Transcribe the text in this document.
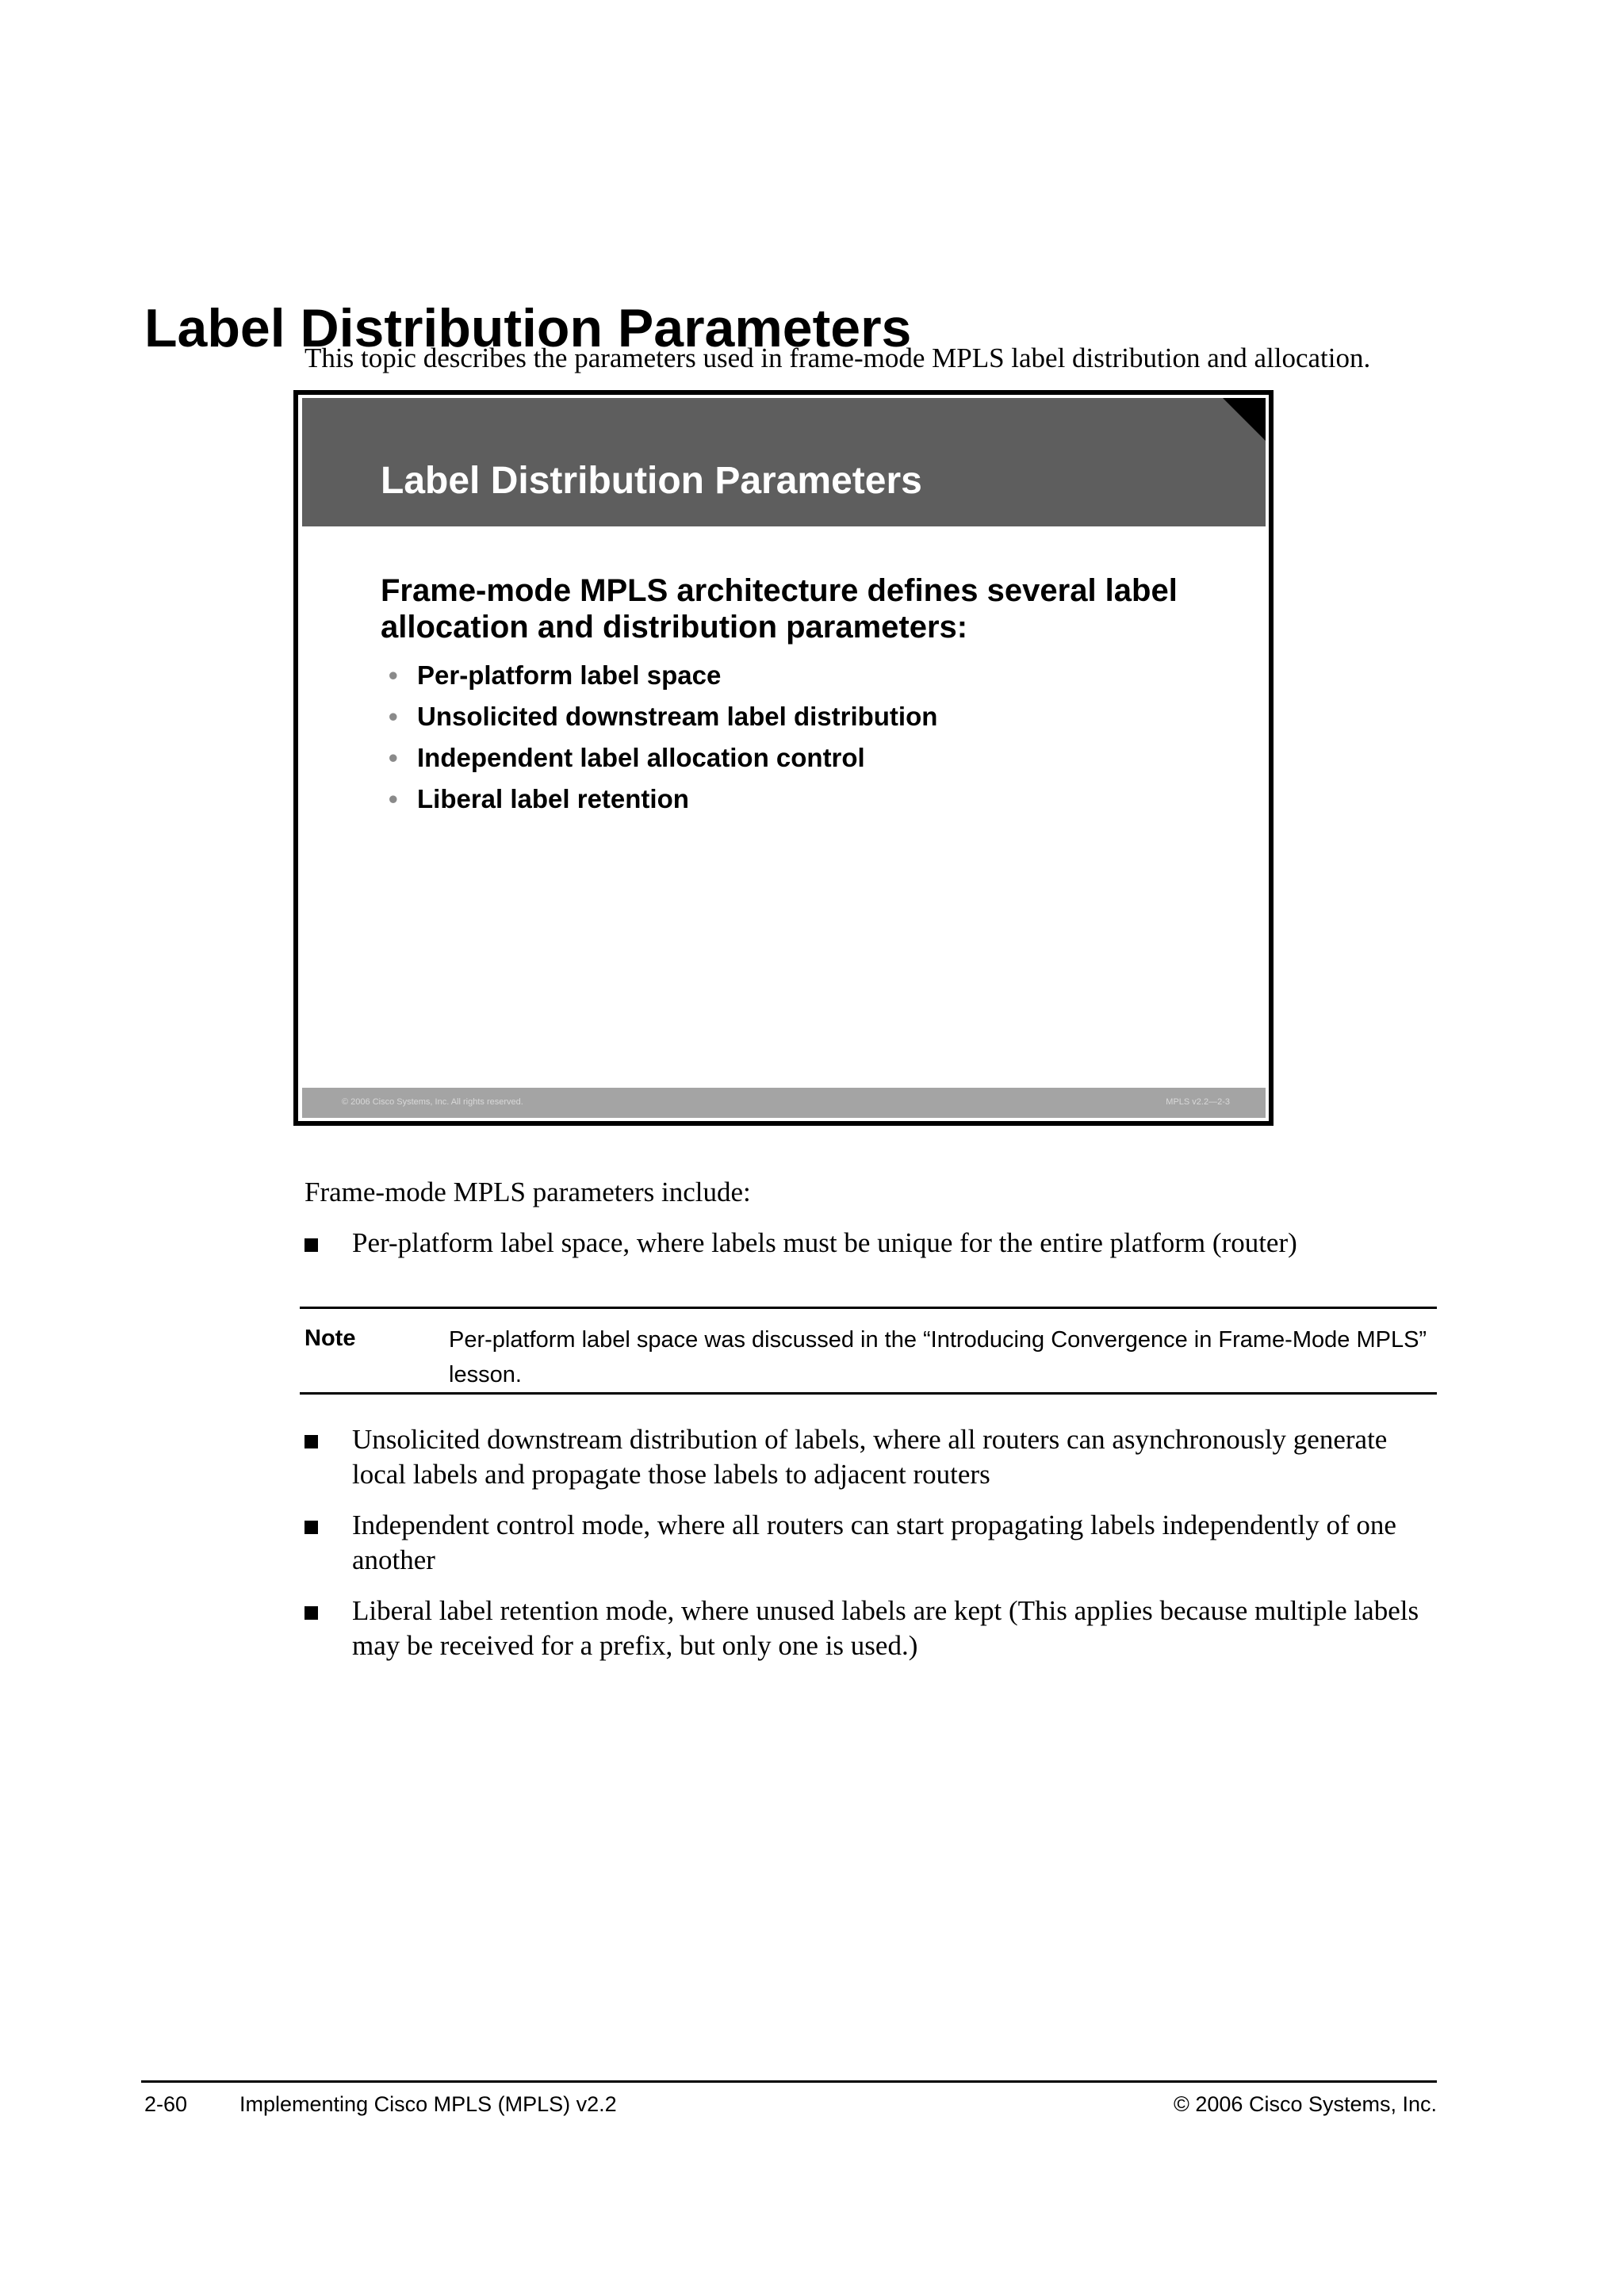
Label Distribution Parameters
This topic describes the parameters used in frame-mode MPLS label distribution and allocation.
Label Distribution Parameters
Frame-mode MPLS architecture defines several label allocation and distribution parameters:
• Per-platform label space
• Unsolicited downstream label distribution
• Independent label allocation control
• Liberal label retention
© 2006 Cisco Systems, Inc. All rights reserved.	MPLS v2.2—2-3
Frame-mode MPLS parameters include:
Per-platform label space, where labels must be unique for the entire platform (router)
Note	Per-platform label space was discussed in the “Introducing Convergence in Frame-Mode MPLS” lesson.
Unsolicited downstream distribution of labels, where all routers can asynchronously generate local labels and propagate those labels to adjacent routers
Independent control mode, where all routers can start propagating labels independently of one another
Liberal label retention mode, where unused labels are kept (This applies because multiple labels may be received for a prefix, but only one is used.)
2-60 Implementing Cisco MPLS (MPLS) v2.2	© 2006 Cisco Systems, Inc.
